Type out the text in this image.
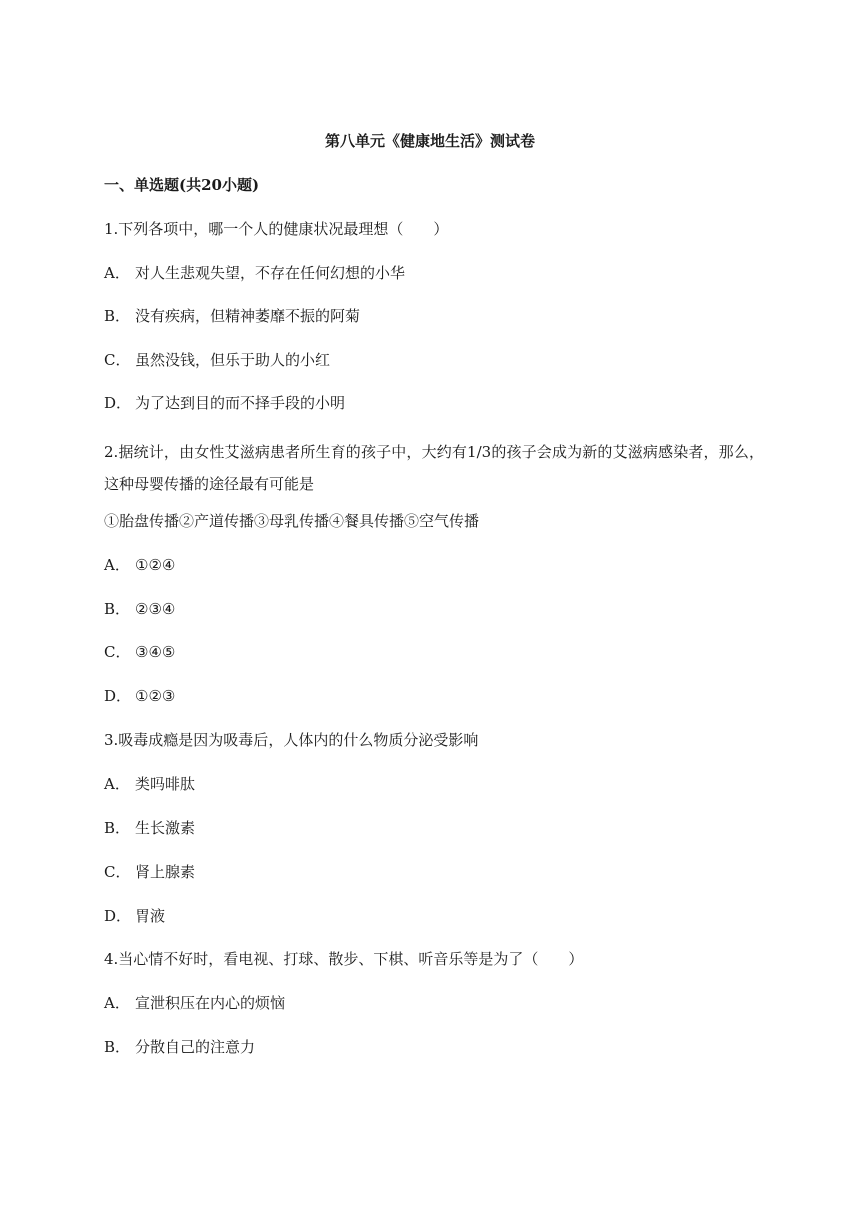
第八单元《健康地生活》测试卷
一、单选题(共20小题)
1.下列各项中，哪一个人的健康状况最理想（　　）
A． 对人生悲观失望，不存在任何幻想的小华
B． 没有疾病，但精神萎靡不振的阿菊
C． 虽然没钱，但乐于助人的小红
D． 为了达到目的而不择手段的小明
2.据统计，由女性艾滋病患者所生育的孩子中，大约有1/3的孩子会成为新的艾滋病感染者，那么，这种母婴传播的途径最有可能是
①胎盘传播②产道传播③母乳传播④餐具传播⑤空气传播
A． ①②④
B． ②③④
C． ③④⑤
D． ①②③
3.吸毒成瘾是因为吸毒后，人体内的什么物质分泌受影响
A． 类吗啡肽
B． 生长激素
C． 肾上腺素
D． 胃液
4.当心情不好时，看电视、打球、散步、下棋、听音乐等是为了（　　）
A． 宣泄积压在内心的烦恼
B． 分散自己的注意力
